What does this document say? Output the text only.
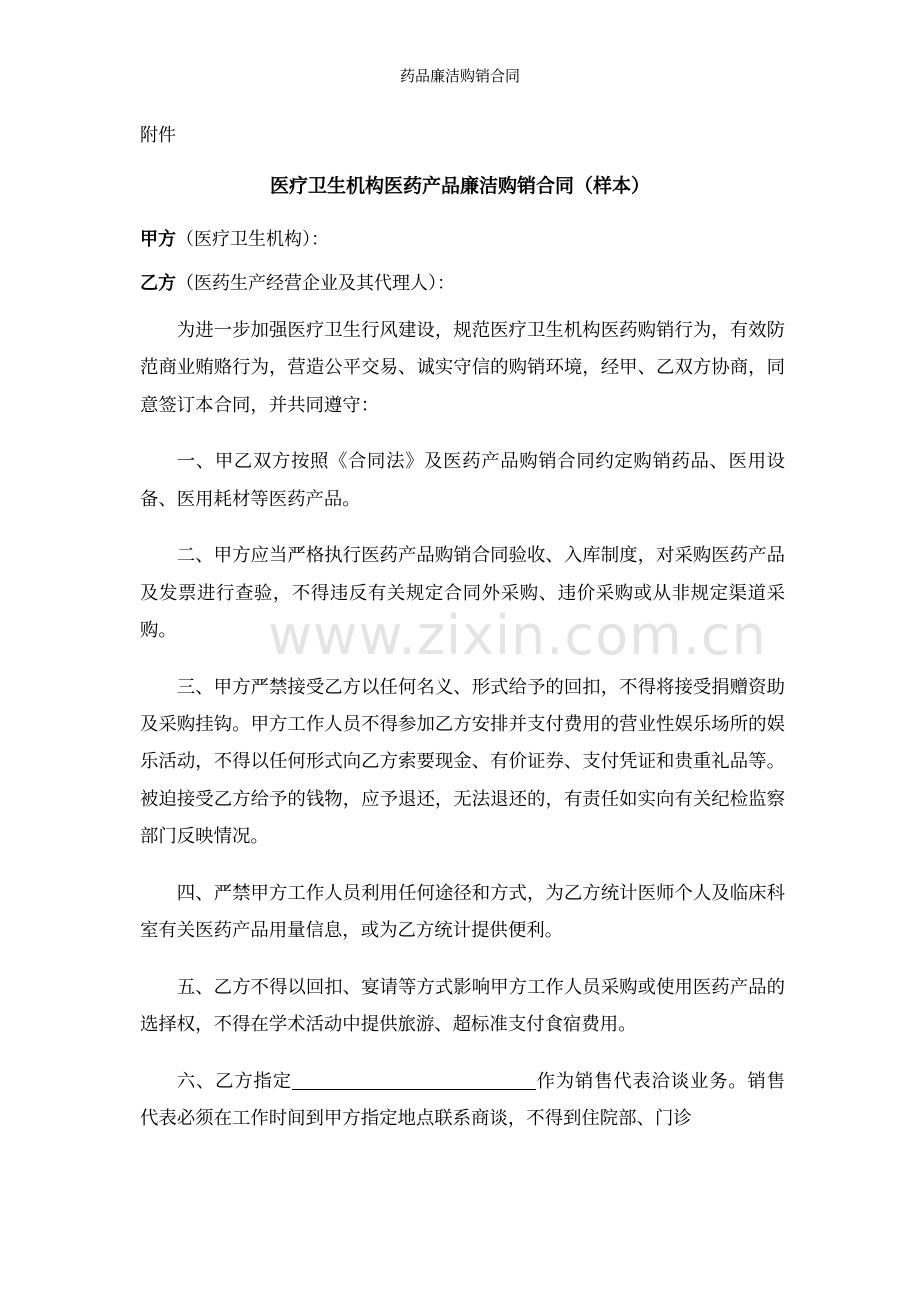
药品廉洁购销合同
附件
医疗卫生机构医药产品廉洁购销合同（样本）
甲方（医疗卫生机构）：
乙方（医药生产经营企业及其代理人）：

为进一步加强医疗卫生行风建设，规范医疗卫生机构医药购销行为，有效防范商业贿赂行为，营造公平交易、诚实守信的购销环境，经甲、乙双方协商，同意签订本合同，并共同遵守：

一、甲乙双方按照《合同法》及医药产品购销合同约定购销药品、医用设备、医用耗材等医药产品。

二、甲方应当严格执行医药产品购销合同验收、入库制度，对采购医药产品及发票进行查验，不得违反有关规定合同外采购、违价采购或从非规定渠道采购。

三、甲方严禁接受乙方以任何名义、形式给予的回扣，不得将接受捐赠资助及采购挂钩。甲方工作人员不得参加乙方安排并支付费用的营业性娱乐场所的娱乐活动，不得以任何形式向乙方索要现金、有价证券、支付凭证和贵重礼品等。被迫接受乙方给予的钱物，应予退还，无法退还的，有责任如实向有关纪检监察部门反映情况。

四、严禁甲方工作人员利用任何途径和方式，为乙方统计医师个人及临床科室有关医药产品用量信息，或为乙方统计提供便利。

五、乙方不得以回扣、宴请等方式影响甲方工作人员采购或使用医药产品的选择权，不得在学术活动中提供旅游、超标准支付食宿费用。

六、乙方指定	作为销售代表洽谈业务。销售代表必须在工作时间到甲方指定地点联系商谈，不得到住院部、门诊

www.zixin.com.cn
